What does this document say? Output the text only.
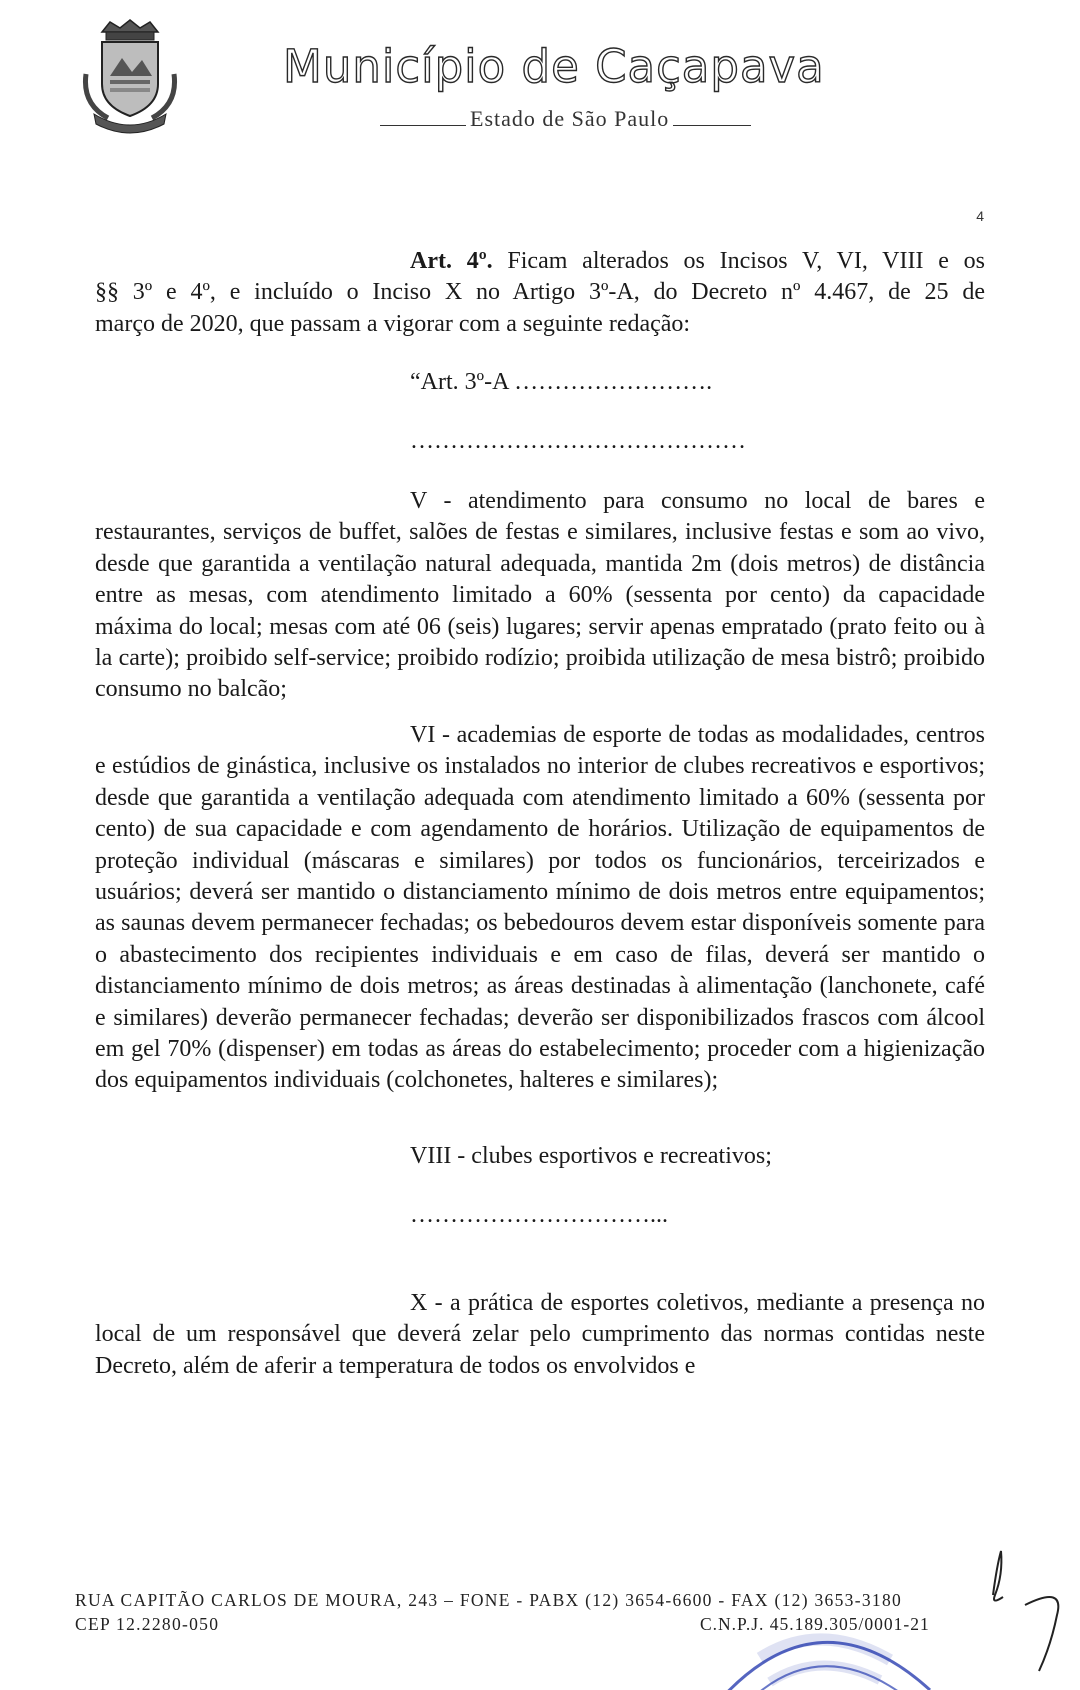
Município de Caçapava
Estado de São Paulo
4
Art. 4º. Ficam alterados os Incisos V, VI, VIII e os
§§ 3º e 4º, e incluído o Inciso X no Artigo 3º-A, do Decreto nº 4.467, de 25 de
março de 2020, que passam a vigorar com a seguinte redação:
“Art. 3º-A …………………….
……………………………………
V - atendimento para consumo no local de bares e restaurantes, serviços de buffet, salões de festas e similares, inclusive festas e som ao vivo, desde que garantida a ventilação natural adequada, mantida 2m (dois metros) de distância entre as mesas, com atendimento limitado a 60% (sessenta por cento) da capacidade máxima do local; mesas com até 06 (seis) lugares; servir apenas empratado (prato feito ou à la carte); proibido self-service; proibido rodízio; proibida utilização de mesa bistrô; proibido consumo no balcão;
VI - academias de esporte de todas as modalidades, centros e estúdios de ginástica, inclusive os instalados no interior de clubes recreativos e esportivos; desde que garantida a ventilação adequada com atendimento limitado a 60% (sessenta por cento) de sua capacidade e com agendamento de horários. Utilização de equipamentos de proteção individual (máscaras e similares) por todos os funcionários, terceirizados e usuários; deverá ser mantido o distanciamento mínimo de dois metros entre equipamentos; as saunas devem permanecer fechadas; os bebedouros devem estar disponíveis somente para o abastecimento dos recipientes individuais e em caso de filas, deverá ser mantido o distanciamento mínimo de dois metros; as áreas destinadas à alimentação (lanchonete, café e similares) deverão permanecer fechadas; deverão ser disponibilizados frascos com álcool em gel 70% (dispenser) em todas as áreas do estabelecimento; proceder com a higienização dos equipamentos individuais (colchonetes, halteres e similares);
VIII - clubes esportivos e recreativos;
…………………………...
X - a prática de esportes coletivos, mediante a presença no local de um responsável que deverá zelar pelo cumprimento das normas contidas neste Decreto, além de aferir a temperatura de todos os envolvidos e
RUA CAPITÃO CARLOS DE MOURA, 243 – FONE - PABX (12) 3654-6600 - FAX (12) 3653-3180
CEP 12.2280-050	C.N.P.J. 45.189.305/0001-21
